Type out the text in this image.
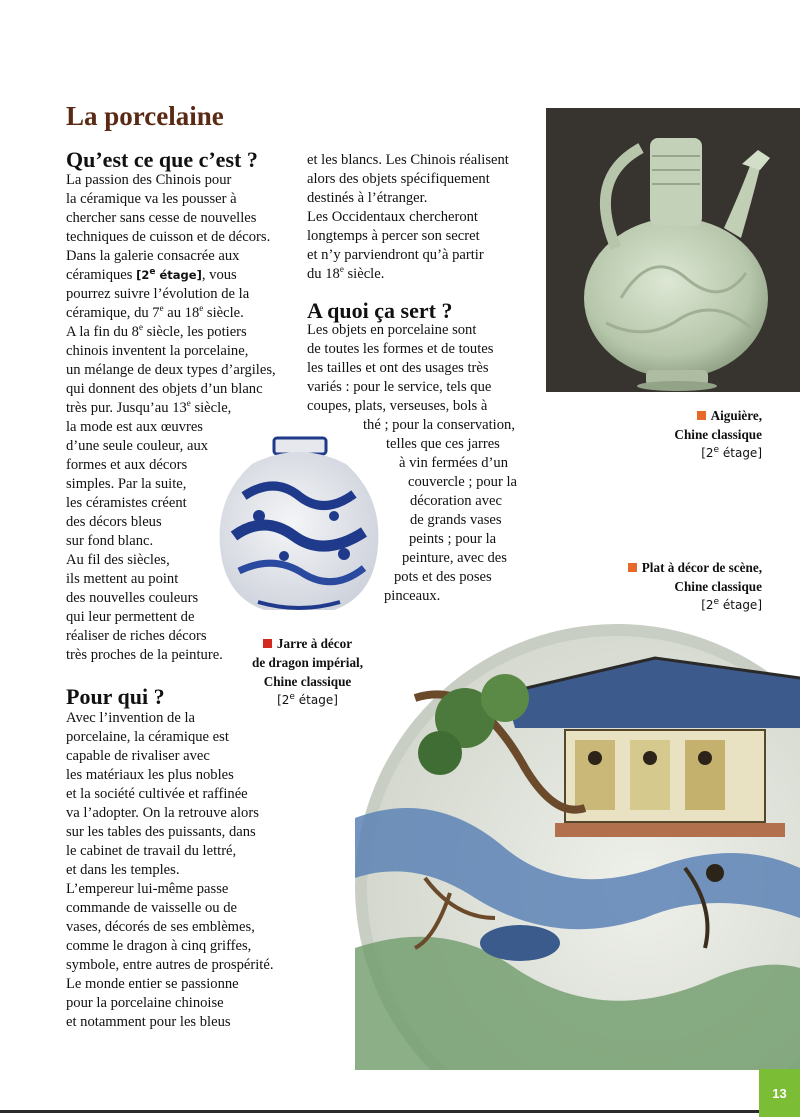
La porcelaine
Qu’est ce que c’est ?
La passion des Chinois pour
la céramique va les pousser à
chercher sans cesse de nouvelles
techniques de cuisson et de décors.
Dans la galerie consacrée aux
céramiques [2e étage], vous
pourrez suivre l’évolution de la
céramique, du 7e au 18e siècle.
A la fin du 8e siècle, les potiers
chinois inventent la porcelaine,
un mélange de deux types d’argiles,
qui donnent des objets d’un blanc
très pur. Jusqu’au 13e siècle,
la mode est aux œuvres
d’une seule couleur, aux
formes et aux décors
simples. Par la suite,
les céramistes créent
des décors bleus
sur fond blanc.
Au fil des siècles,
ils mettent au point
des nouvelles couleurs
qui leur permettent de
réaliser de riches décors
très proches de la peinture.
et les blancs. Les Chinois réalisent
alors des objets spécifiquement
destinés à l’étranger.
Les Occidentaux chercheront
longtemps à percer son secret
et n’y parviendront qu’à partir
du 18e siècle.
A quoi ça sert ?
Les objets en porcelaine sont
de toutes les formes et de toutes
les tailles et ont des usages très
variés : pour le service, tels que
coupes, plats, verseuses, bols à
thé ; pour la conservation,
telles que ces jarres
à vin fermées d’un
couvercle ; pour la
décoration avec
de grands vases
peints ; pour la
peinture, avec des
pots et des poses
pinceaux.
Pour qui ?
Avec l’invention de la
porcelaine, la céramique est
capable de rivaliser avec
les matériaux les plus nobles
et la société cultivée et raffinée
va l’adopter. On la retrouve alors
sur les tables des puissants, dans
le cabinet de travail du lettré,
et dans les temples.
L’empereur lui-même passe
commande de vaisselle ou de
vases, décorés de ses emblèmes,
comme le dragon à cinq griffes,
symbole, entre autres de prospérité.
Le monde entier se passionne
pour la porcelaine chinoise
et notamment pour les bleus
Aiguière,
Chine classique
[2e étage]
Plat à décor de scène,
Chine classique
[2e étage]
Jarre à décor
de dragon impérial,
Chine classique
[2e étage]
13
